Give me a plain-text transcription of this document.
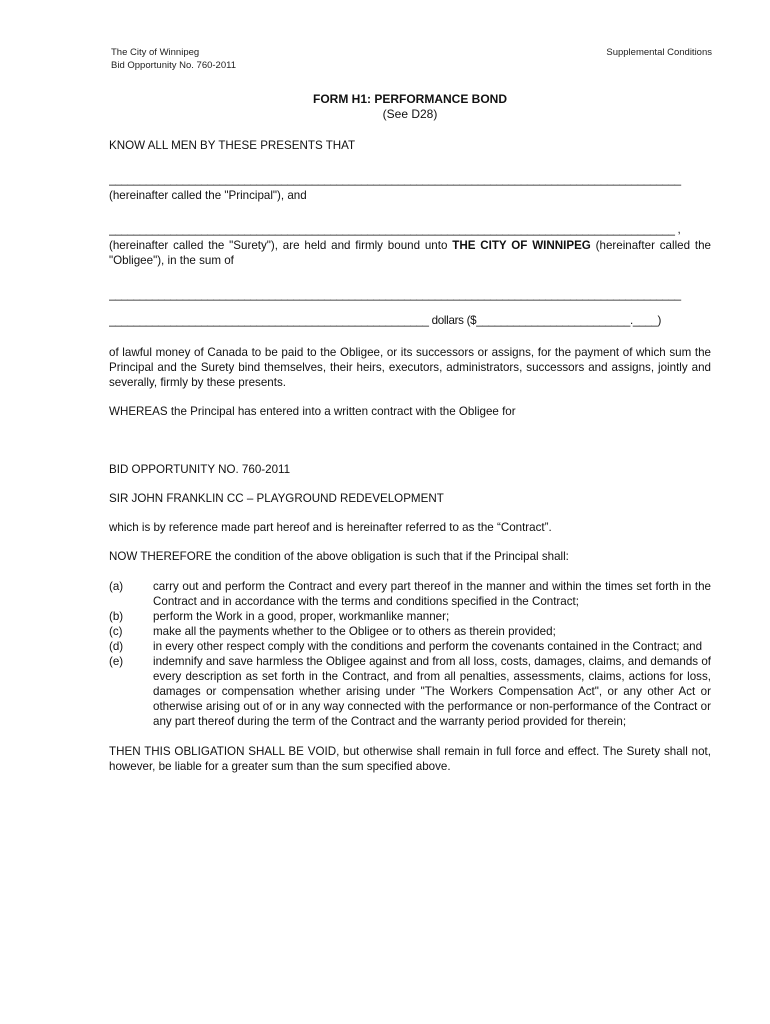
The City of Winnipeg
Bid Opportunity No. 760-2011
Supplemental Conditions
FORM H1: PERFORMANCE BOND
(See D28)

KNOW ALL MEN BY THESE PRESENTS THAT

_____________________________________________________________________________________________

(hereinafter called the "Principal"), and

____________________________________________________________________________________________ ,

(hereinafter called the "Surety"), are held and firmly bound unto THE CITY OF WINNIPEG (hereinafter called the "Obligee"), in the sum of

_____________________________________________________________________________________________

____________________________________________________ dollars ($_________________________.____)

of lawful money of Canada to be paid to the Obligee, or its successors or assigns, for the payment of which sum the Principal and the Surety bind themselves, their heirs, executors, administrators, successors and assigns, jointly and severally, firmly by these presents.

WHEREAS the Principal has entered into a written contract with the Obligee for

BID OPPORTUNITY NO. 760-2011

SIR JOHN FRANKLIN CC – PLAYGROUND REDEVELOPMENT

which is by reference made part hereof and is hereinafter referred to as the “Contract”.

NOW THEREFORE the condition of the above obligation is such that if the Principal shall:

(a)	carry out and perform the Contract and every part thereof in the manner and within the times set forth in the Contract and in accordance with the terms and conditions specified in the Contract;
(b)	perform the Work in a good, proper, workmanlike manner;
(c)	make all the payments whether to the Obligee or to others as therein provided;
(d)	in every other respect comply with the conditions and perform the covenants contained in the Contract; and
(e)	indemnify and save harmless the Obligee against and from all loss, costs, damages, claims, and demands of every description as set forth in the Contract, and from all penalties, assessments, claims, actions for loss, damages or compensation whether arising under "The Workers Compensation Act", or any other Act or otherwise arising out of or in any way connected with the performance or non-performance of the Contract or any part thereof during the term of the Contract and the warranty period provided for therein;

THEN THIS OBLIGATION SHALL BE VOID, but otherwise shall remain in full force and effect. The Surety shall not, however, be liable for a greater sum than the sum specified above.
